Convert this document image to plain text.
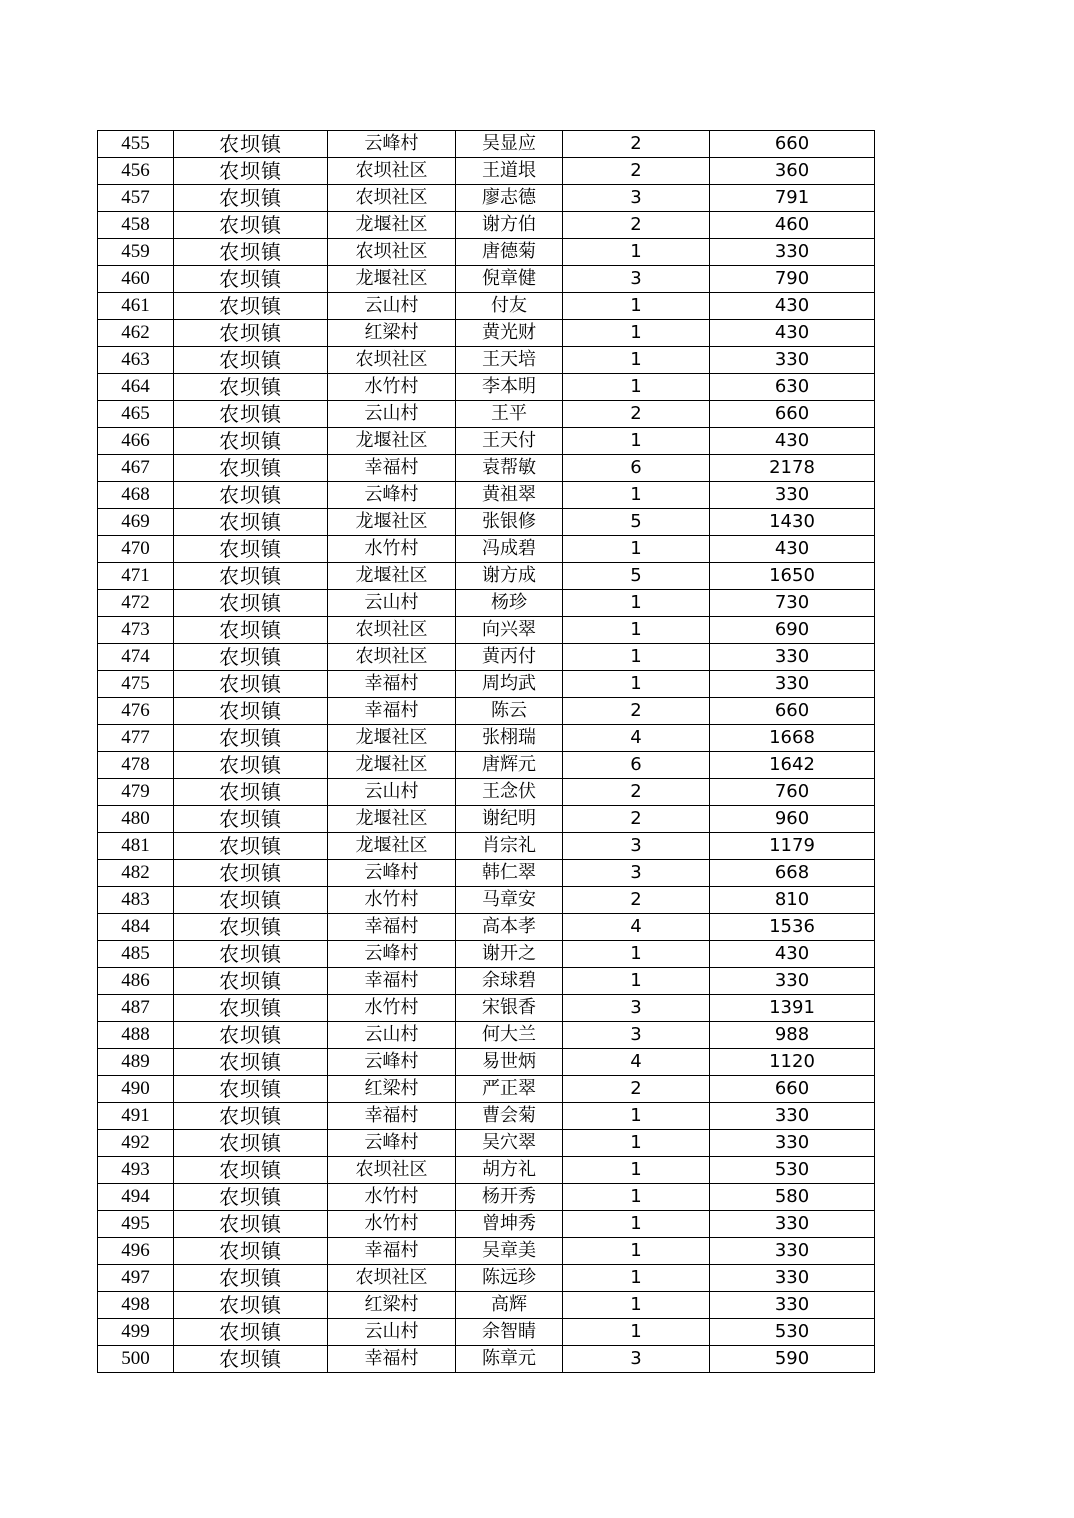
455	农坝镇	云峰村	吴显应	2	660
456	农坝镇	农坝社区	王道垠	2	360
457	农坝镇	农坝社区	廖志德	3	791
458	农坝镇	龙堰社区	谢方伯	2	460
459	农坝镇	农坝社区	唐德菊	1	330
460	农坝镇	龙堰社区	倪章健	3	790
461	农坝镇	云山村	付友	1	430
462	农坝镇	红梁村	黄光财	1	430
463	农坝镇	农坝社区	王天培	1	330
464	农坝镇	水竹村	李本明	1	630
465	农坝镇	云山村	王平	2	660
466	农坝镇	龙堰社区	王天付	1	430
467	农坝镇	幸福村	袁帮敏	6	2178
468	农坝镇	云峰村	黄祖翠	1	330
469	农坝镇	龙堰社区	张银修	5	1430
470	农坝镇	水竹村	冯成碧	1	430
471	农坝镇	龙堰社区	谢方成	5	1650
472	农坝镇	云山村	杨珍	1	730
473	农坝镇	农坝社区	向兴翠	1	690
474	农坝镇	农坝社区	黄丙付	1	330
475	农坝镇	幸福村	周均武	1	330
476	农坝镇	幸福村	陈云	2	660
477	农坝镇	龙堰社区	张栩瑞	4	1668
478	农坝镇	龙堰社区	唐辉元	6	1642
479	农坝镇	云山村	王念伏	2	760
480	农坝镇	龙堰社区	谢纪明	2	960
481	农坝镇	龙堰社区	肖宗礼	3	1179
482	农坝镇	云峰村	韩仁翠	3	668
483	农坝镇	水竹村	马章安	2	810
484	农坝镇	幸福村	高本孝	4	1536
485	农坝镇	云峰村	谢开之	1	430
486	农坝镇	幸福村	余球碧	1	330
487	农坝镇	水竹村	宋银香	3	1391
488	农坝镇	云山村	何大兰	3	988
489	农坝镇	云峰村	易世炳	4	1120
490	农坝镇	红梁村	严正翠	2	660
491	农坝镇	幸福村	曹会菊	1	330
492	农坝镇	云峰村	吴穴翠	1	330
493	农坝镇	农坝社区	胡方礼	1	530
494	农坝镇	水竹村	杨开秀	1	580
495	农坝镇	水竹村	曾坤秀	1	330
496	农坝镇	幸福村	吴章美	1	330
497	农坝镇	农坝社区	陈远珍	1	330
498	农坝镇	红梁村	高辉	1	330
499	农坝镇	云山村	余智睛	1	530
500	农坝镇	幸福村	陈章元	3	590
